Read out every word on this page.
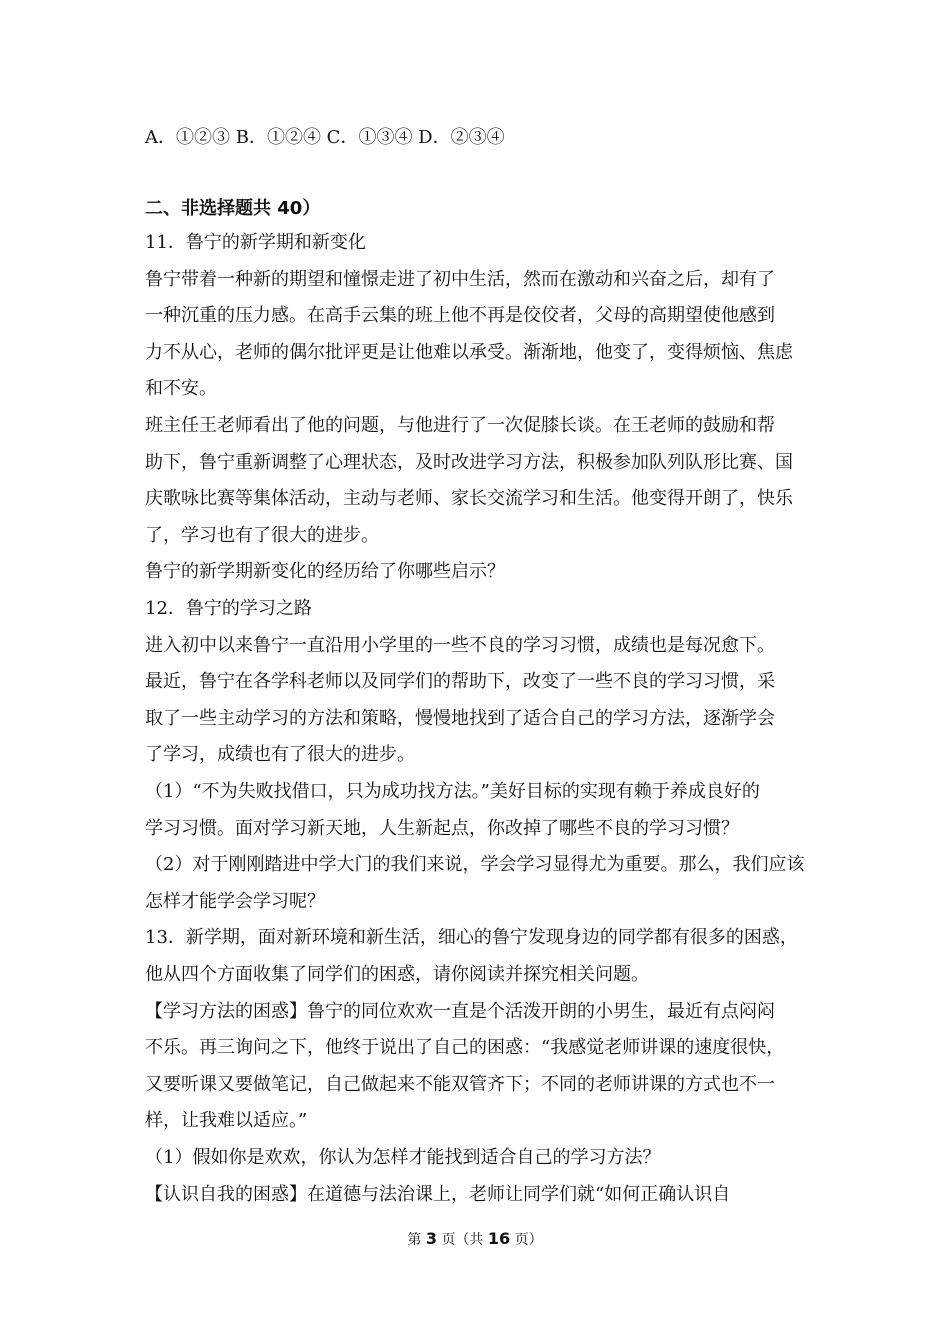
A．①②③ B．①②④ C．①③④ D．②③④
二、非选择题共 40）
11．鲁宁的新学期和新变化
鲁宁带着一种新的期望和憧憬走进了初中生活，然而在激动和兴奋之后，却有了
一种沉重的压力感。在高手云集的班上他不再是佼佼者，父母的高期望使他感到
力不从心，老师的偶尔批评更是让他难以承受。渐渐地，他变了，变得烦恼、焦虑
和不安。
班主任王老师看出了他的问题，与他进行了一次促膝长谈。在王老师的鼓励和帮
助下，鲁宁重新调整了心理状态，及时改进学习方法，积极参加队列队形比赛、国
庆歌咏比赛等集体活动，主动与老师、家长交流学习和生活。他变得开朗了，快乐
了，学习也有了很大的进步。
鲁宁的新学期新变化的经历给了你哪些启示？
12．鲁宁的学习之路
进入初中以来鲁宁一直沿用小学里的一些不良的学习习惯，成绩也是每况愈下。
最近，鲁宁在各学科老师以及同学们的帮助下，改变了一些不良的学习习惯，采
取了一些主动学习的方法和策略，慢慢地找到了适合自己的学习方法，逐渐学会
了学习，成绩也有了很大的进步。
（1）“不为失败找借口，只为成功找方法。”美好目标的实现有赖于养成良好的
学习习惯。面对学习新天地，人生新起点，你改掉了哪些不良的学习习惯？
（2）对于刚刚踏进中学大门的我们来说，学会学习显得尤为重要。那么，我们应该
怎样才能学会学习呢？
13．新学期，面对新环境和新生活，细心的鲁宁发现身边的同学都有很多的困惑，
他从四个方面收集了同学们的困惑，请你阅读并探究相关问题。
【学习方法的困惑】鲁宁的同位欢欢一直是个活泼开朗的小男生，最近有点闷闷
不乐。再三询问之下，他终于说出了自己的困惑：“我感觉老师讲课的速度很快，
又要听课又要做笔记，自己做起来不能双管齐下；不同的老师讲课的方式也不一
样，让我难以适应。”
（1）假如你是欢欢，你认为怎样才能找到适合自己的学习方法？
【认识自我的困惑】在道德与法治课上，老师让同学们就“如何正确认识自
第 3 页（共 16 页）
